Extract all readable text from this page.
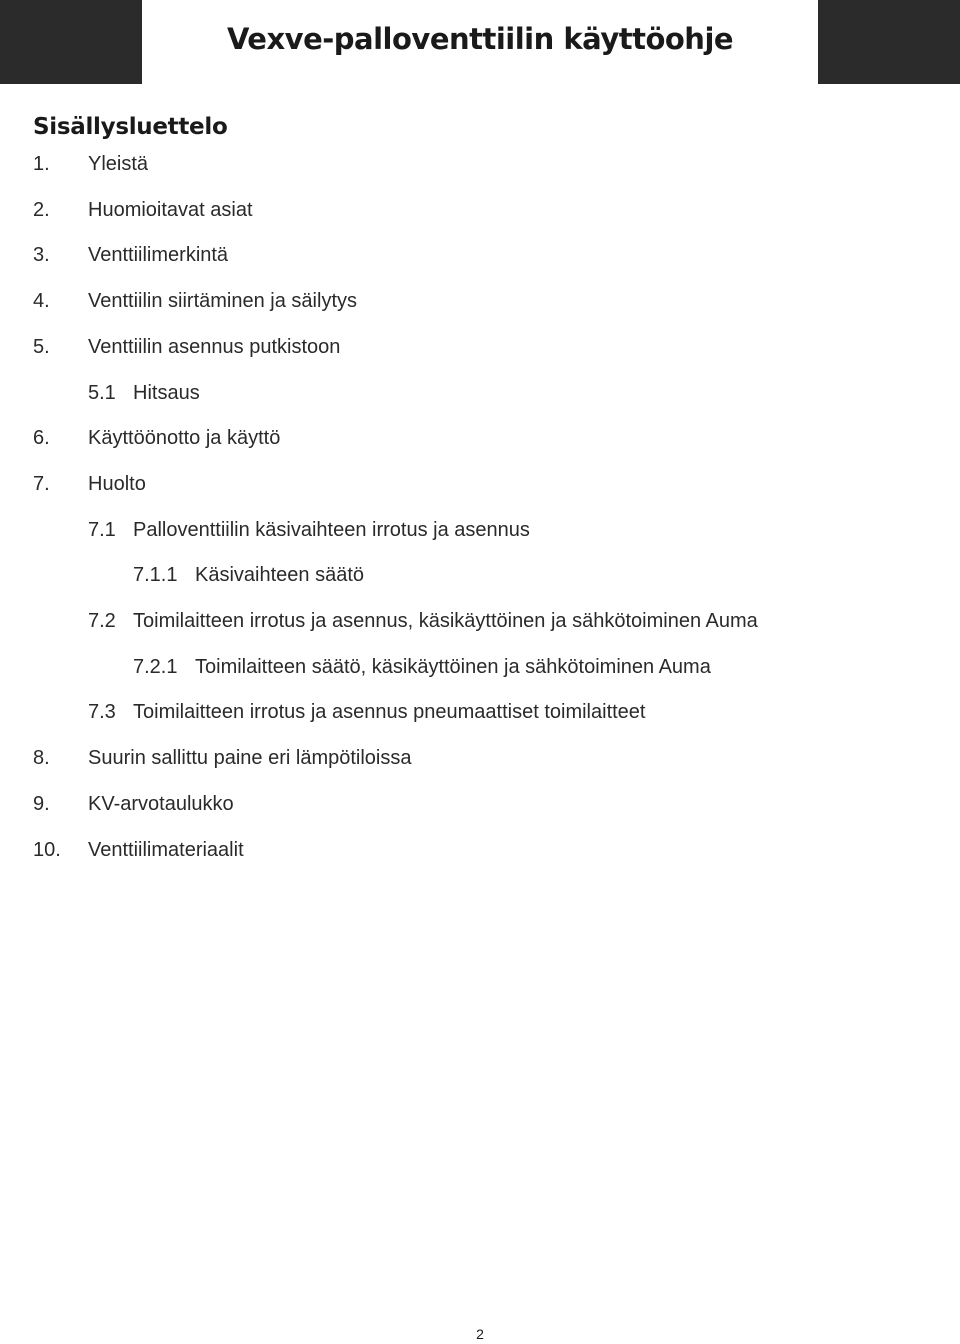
Vexve-palloventtiilin käyttöohje
Sisällysluettelo
1. Yleistä
2. Huomioitavat asiat
3. Venttiilimerkintä
4. Venttiilin siirtäminen ja säilytys
5. Venttiilin asennus putkistoon
5.1 Hitsaus
6. Käyttöönotto ja käyttö
7. Huolto
7.1 Palloventtiilin käsivaihteen irrotus ja asennus
7.1.1 Käsivaihteen säätö
7.2 Toimilaitteen irrotus ja asennus, käsikäyttöinen ja sähkötoiminen Auma
7.2.1 Toimilaitteen säätö, käsikäyttöinen ja sähkötoiminen Auma
7.3 Toimilaitteen irrotus ja asennus pneumaattiset toimilaitteet
8. Suurin sallittu paine eri lämpötiloissa
9. KV-arvotaulukko
10. Venttiilimateriaalit
2
